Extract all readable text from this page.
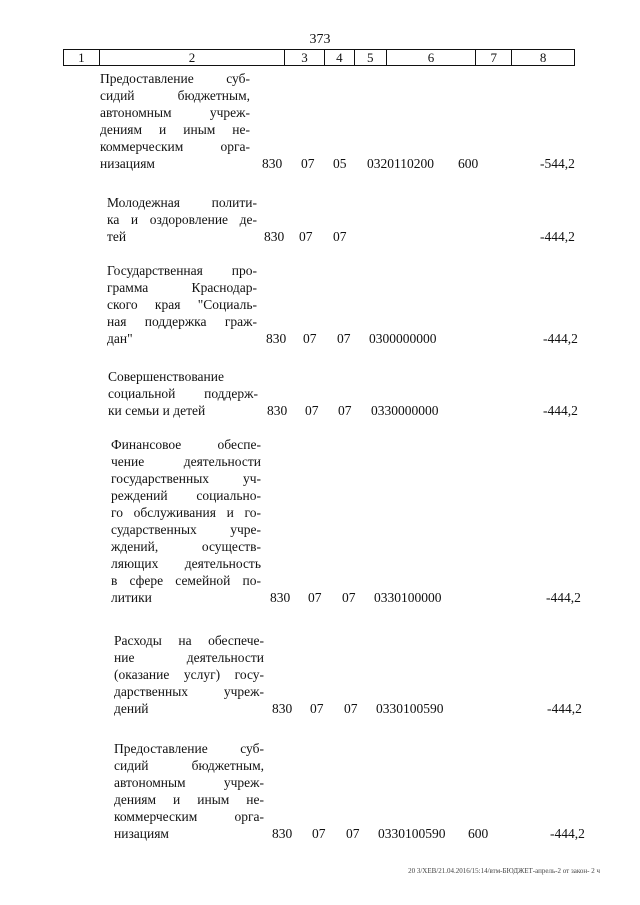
373
1	2	3	4	5	6	7	8
Предоставление суб-
сидий бюджетным,
автономным учреж-
дениям и иным не-
коммерческим орга-
низациям	830 07 05 0320110200 600	-544,2
Молодежная полити-
ка и оздоровление де-
тей	830 07 07	-444,2
Государственная про-
грамма Краснодар-
ского края "Социаль-
ная поддержка граж-
дан"	830 07 07 0300000000	-444,2
Совершенствование
социальной поддерж-
ки семьи и детей	830 07 07 0330000000	-444,2
Финансовое обеспе-
чение деятельности
государственных уч-
реждений социально-
го обслуживания и го-
сударственных учре-
ждений, осуществ-
ляющих деятельность
в сфере семейной по-
литики	830 07 07 0330100000	-444,2
Расходы на обеспече-
ние деятельности
(оказание услуг) госу-
дарственных учреж-
дений	830 07 07 0330100590	-444,2
Предоставление суб-
сидий бюджетным,
автономным учреж-
дениям и иным не-
коммерческим орга-
низациям	830 07 07 0330100590 600	-444,2
20 3/ХЕВ/21.04.2016/15:14/втм-БЮДЖЕТ-апрель-2 от закон- 2 ч
